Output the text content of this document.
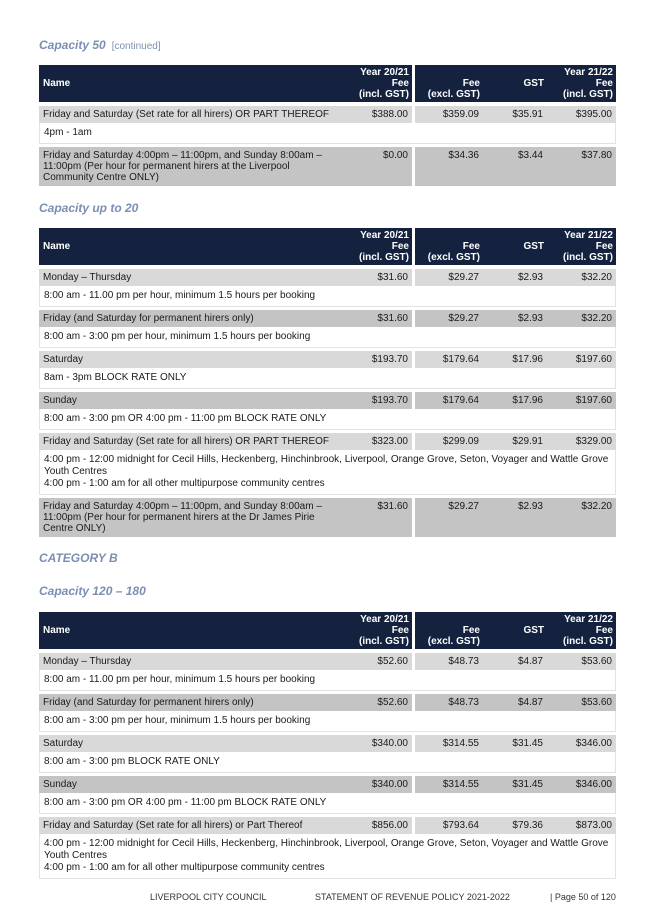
Capacity 50 [continued]
Name	Year 20/21
Fee
(incl. GST)		Fee
(excl. GST)	GST	Year 21/22
Fee
(incl. GST)
Friday and Saturday (Set rate for all hirers) OR PART THEREOF	$388.00		$359.09	$35.91	$395.00

4pm - 1am					

Friday and Saturday 4:00pm – 11:00pm, and Sunday 8:00am – 11:00pm (Per hour for permanent hirers at the Liverpool Community Centre ONLY)	$0.00		$34.36	$3.44	$37.80
Capacity up to 20
Name	Year 20/21
Fee
(incl. GST)		Fee
(excl. GST)	GST	Year 21/22
Fee
(incl. GST)
Monday – Thursday	$31.60		$29.27	$2.93	$32.20

8:00 am - 11.00 pm per hour, minimum 1.5 hours per booking					

Friday (and Saturday for permanent hirers only)	$31.60		$29.27	$2.93	$32.20

8:00 am - 3:00 pm per hour, minimum 1.5 hours per booking					

Saturday	$193.70		$179.64	$17.96	$197.60

8am - 3pm BLOCK RATE ONLY					

Sunday	$193.70		$179.64	$17.96	$197.60

8:00 am - 3:00 pm OR 4:00 pm - 11:00 pm BLOCK RATE ONLY					

Friday and Saturday (Set rate for all hirers) OR PART THEREOF	$323.00		$299.09	$29.91	$329.00

4:00 pm - 12:00 midnight for Cecil Hills, Heckenberg, Hinchinbrook, Liverpool, Orange Grove, Seton, Voyager and Wattle Grove Youth Centres
4:00 pm - 1:00 am for all other multipurpose community centres					

Friday and Saturday 4:00pm – 11:00pm, and Sunday 8:00am – 11:00pm (Per hour for permanent hirers at the Dr James Pirie Centre ONLY)	$31.60		$29.27	$2.93	$32.20
CATEGORY B
Capacity 120 – 180
Name	Year 20/21
Fee
(incl. GST)		Fee
(excl. GST)	GST	Year 21/22
Fee
(incl. GST)
Monday – Thursday	$52.60		$48.73	$4.87	$53.60

8:00 am - 11.00 pm per hour, minimum 1.5 hours per booking					

Friday (and Saturday for permanent hirers only)	$52.60		$48.73	$4.87	$53.60

8:00 am - 3:00 pm per hour, minimum 1.5 hours per booking					

Saturday	$340.00		$314.55	$31.45	$346.00

8:00 am - 3:00 pm BLOCK RATE ONLY					

Sunday	$340.00		$314.55	$31.45	$346.00

8:00 am - 3:00 pm OR 4:00 pm - 11:00 pm BLOCK RATE ONLY					

Friday and Saturday (Set rate for all hirers) or Part Thereof	$856.00		$793.64	$79.36	$873.00

4:00 pm - 12:00 midnight for Cecil Hills, Heckenberg, Hinchinbrook, Liverpool, Orange Grove, Seton, Voyager and Wattle Grove Youth Centres
4:00 pm - 1:00 am for all other multipurpose community centres					
LIVERPOOL CITY COUNCIL	STATEMENT OF REVENUE POLICY 2021-2022	| Page 50 of 120
